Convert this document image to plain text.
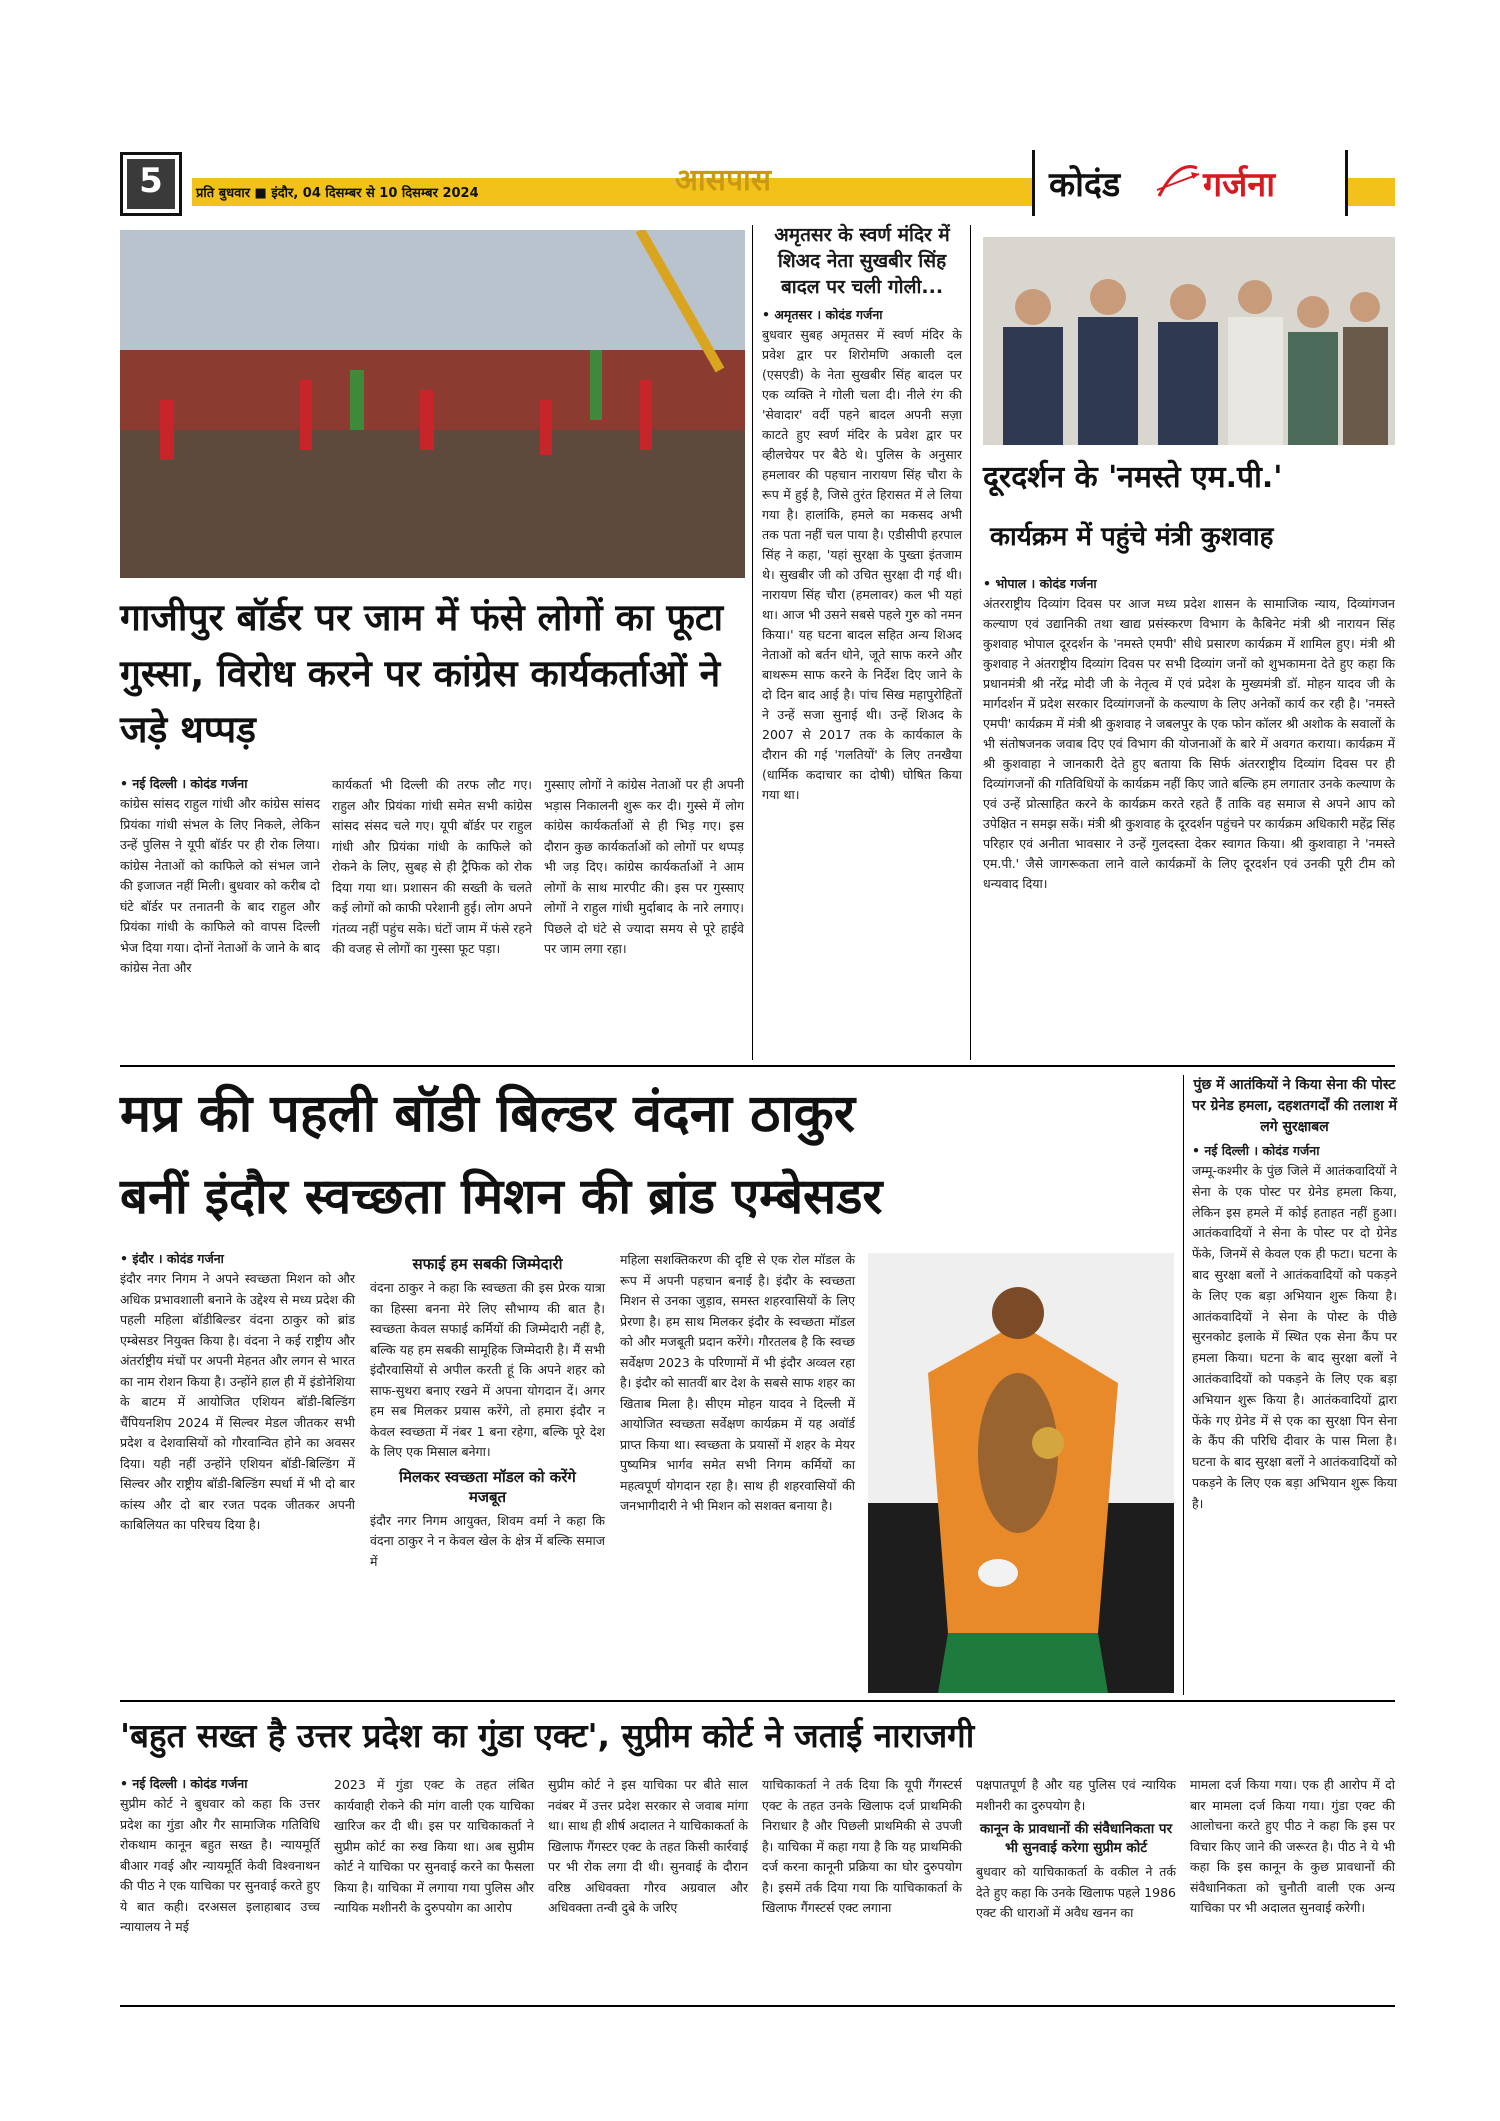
5	प्रति बुधवार ■ इंदौर, 04 दिसम्बर से 10 दिसम्बर 2024	आसपास	कोदंड गर्जना
गाजीपुर बॉर्डर पर जाम में फंसे लोगों का फूटा गुस्सा, विरोध करने पर कांग्रेस कार्यकर्ताओं ने जड़े थप्पड़

• नई दिल्ली । कोदंड गर्जना

कांग्रेस सांसद राहुल गांधी और कांग्रेस सांसद प्रियंका गांधी संभल के लिए निकले, लेकिन उन्हें पुलिस ने यूपी बॉर्डर पर ही रोक लिया। कांग्रेस नेताओं को काफिले को संभल जाने की इजाजत नहीं मिली। बुधवार को करीब दो घंटे बॉर्डर पर तनातनी के बाद राहुल और प्रियंका गांधी के काफिले को वापस दिल्ली भेज दिया गया। दोनों नेताओं के जाने के बाद कांग्रेस नेता और

कार्यकर्ता भी दिल्ली की तरफ लौट गए। राहुल और प्रियंका गांधी समेत सभी कांग्रेस सांसद संसद चले गए। यूपी बॉर्डर पर राहुल गांधी और प्रियंका गांधी के काफिले को रोकने के लिए, सुबह से ही ट्रैफिक को रोक दिया गया था। प्रशासन की सख्ती के चलते कई लोगों को काफी परेशानी हुई। लोग अपने गंतव्य नहीं पहुंच सके। घंटों जाम में फंसे रहने की वजह से लोगों का गुस्सा फूट पड़ा।

गुस्साए लोगों ने कांग्रेस नेताओं पर ही अपनी भड़ास निकालनी शुरू कर दी। गुस्से में लोग कांग्रेस कार्यकर्ताओं से ही भिड़ गए। इस दौरान कुछ कार्यकर्ताओं को लोगों पर थप्पड़ भी जड़ दिए। कांग्रेस कार्यकर्ताओं ने आम लोगों के साथ मारपीट की। इस पर गुस्साए लोगों ने राहुल गांधी मुर्दाबाद के नारे लगाए। पिछले दो घंटे से ज्यादा समय से पूरे हाईवे पर जाम लगा रहा।

अमृतसर के स्वर्ण मंदिर में शिअद नेता सुखबीर सिंह बादल पर चली गोली...

• अमृतसर । कोदंड गर्जना

बुधवार सुबह अमृतसर में स्वर्ण मंदिर के प्रवेश द्वार पर शिरोमणि अकाली दल (एसएडी) के नेता सुखबीर सिंह बादल पर एक व्यक्ति ने गोली चला दी। नीले रंग की 'सेवादार' वर्दी पहने बादल अपनी सज़ा काटते हुए स्वर्ण मंदिर के प्रवेश द्वार पर व्हीलचेयर पर बैठे थे। पुलिस के अनुसार हमलावर की पहचान नारायण सिंह चौरा के रूप में हुई है, जिसे तुरंत हिरासत में ले लिया गया है। हालांकि, हमले का मकसद अभी तक पता नहीं चल पाया है। एडीसीपी हरपाल सिंह ने कहा, 'यहां सुरक्षा के पुख्ता इंतजाम थे। सुखबीर जी को उचित सुरक्षा दी गई थी। नारायण सिंह चौरा (हमलावर) कल भी यहां था। आज भी उसने सबसे पहले गुरु को नमन किया।' यह घटना बादल सहित अन्य शिअद नेताओं को बर्तन धोने, जूते साफ करने और बाथरूम साफ करने के निर्देश दिए जाने के दो दिन बाद आई है। पांच सिख महापुरोहितों ने उन्हें सजा सुनाई थी। उन्हें शिअद के 2007 से 2017 तक के कार्यकाल के दौरान की गई 'गलतियों' के लिए तनखैया (धार्मिक कदाचार का दोषी) घोषित किया गया था।

दूरदर्शन के 'नमस्ते एम.पी.'
कार्यक्रम में पहुंचे मंत्री कुशवाह

• भोपाल । कोदंड गर्जना

अंतरराष्ट्रीय दिव्यांग दिवस पर आज मध्य प्रदेश शासन के सामाजिक न्याय, दिव्यांगजन कल्याण एवं उद्यानिकी तथा खाद्य प्रसंस्करण विभाग के कैबिनेट मंत्री श्री नारायन सिंह कुशवाह भोपाल दूरदर्शन के 'नमस्ते एमपी' सीधे प्रसारण कार्यक्रम में शामिल हुए। मंत्री श्री कुशवाह ने अंतराष्ट्रीय दिव्यांग दिवस पर सभी दिव्यांग जनों को शुभकामना देते हुए कहा कि प्रधानमंत्री श्री नरेंद्र मोदी जी के नेतृत्व में एवं प्रदेश के मुख्यमंत्री डॉ. मोहन यादव जी के मार्गदर्शन में प्रदेश सरकार दिव्यांगजनों के कल्याण के लिए अनेकों कार्य कर रही है। 'नमस्ते एमपी' कार्यक्रम में मंत्री श्री कुशवाह ने जबलपुर के एक फोन कॉलर श्री अशोक के सवालों के भी संतोषजनक जवाब दिए एवं विभाग की योजनाओं के बारे में अवगत कराया। कार्यक्रम में श्री कुशवाहा ने जानकारी देते हुए बताया कि सिर्फ अंतरराष्ट्रीय दिव्यांग दिवस पर ही दिव्यांगजनों की गतिविधियों के कार्यक्रम नहीं किए जाते बल्कि हम लगातार उनके कल्याण के एवं उन्हें प्रोत्साहित करने के कार्यक्रम करते रहते हैं ताकि वह समाज से अपने आप को उपेक्षित न समझ सकें। मंत्री श्री कुशवाह के दूरदर्शन पहुंचने पर कार्यक्रम अधिकारी महेंद्र सिंह परिहार एवं अनीता भावसार ने उन्हें गुलदस्ता देकर स्वागत किया। श्री कुशवाहा ने 'नमस्ते एम.पी.' जैसे जागरूकता लाने वाले कार्यक्रमों के लिए दूरदर्शन एवं उनकी पूरी टीम को धन्यवाद दिया।

मप्र की पहली बॉडी बिल्डर वंदना ठाकुर
बनीं इंदौर स्वच्छता मिशन की ब्रांड एम्बेसडर

• इंदौर । कोदंड गर्जना

इंदौर नगर निगम ने अपने स्वच्छता मिशन को और अधिक प्रभावशाली बनाने के उद्देश्य से मध्य प्रदेश की पहली महिला बॉडीबिल्डर वंदना ठाकुर को ब्रांड एम्बेसडर नियुक्त किया है। वंदना ने कई राष्ट्रीय और अंतर्राष्ट्रीय मंचों पर अपनी मेहनत और लगन से भारत का नाम रोशन किया है। उन्होंने हाल ही में इंडोनेशिया के बाटम में आयोजित एशियन बॉडी-बिल्डिंग चैंपियनशिप 2024 में सिल्वर मेडल जीतकर सभी प्रदेश व देशवासियों को गौरवान्वित होने का अवसर दिया। यही नहीं उन्होंने एशियन बॉडी-बिल्डिंग में सिल्वर और राष्ट्रीय बॉडी-बिल्डिंग स्पर्धा में भी दो बार कांस्य और दो बार रजत पदक जीतकर अपनी काबिलियत का परिचय दिया है।

सफाई हम सबकी जिम्मेदारी

वंदना ठाकुर ने कहा कि स्वच्छता की इस प्रेरक यात्रा का हिस्सा बनना मेरे लिए सौभाग्य की बात है। स्वच्छता केवल सफाई कर्मियों की जिम्मेदारी नहीं है, बल्कि यह हम सबकी सामूहिक जिम्मेदारी है। मैं सभी इंदौरवासियों से अपील करती हूं कि अपने शहर को साफ-सुथरा बनाए रखने में अपना योगदान दें। अगर हम सब मिलकर प्रयास करेंगे, तो हमारा इंदौर न केवल स्वच्छता में नंबर 1 बना रहेगा, बल्कि पूरे देश के लिए एक मिसाल बनेगा।

मिलकर स्वच्छता मॉडल को करेंगे मजबूत

इंदौर नगर निगम आयुक्त, शिवम वर्मा ने कहा कि वंदना ठाकुर ने न केवल खेल के क्षेत्र में बल्कि समाज में

महिला सशक्तिकरण की दृष्टि से एक रोल मॉडल के रूप में अपनी पहचान बनाई है। इंदौर के स्वच्छता मिशन से उनका जुड़ाव, समस्त शहरवासियों के लिए प्रेरणा है। हम साथ मिलकर इंदौर के स्वच्छता मॉडल को और मजबूती प्रदान करेंगे। गौरतलब है कि स्वच्छ सर्वेक्षण 2023 के परिणामों में भी इंदौर अव्वल रहा है। इंदौर को सातवीं बार देश के सबसे साफ शहर का खिताब मिला है। सीएम मोहन यादव ने दिल्ली में आयोजित स्वच्छता सर्वेक्षण कार्यक्रम में यह अवॉर्ड प्राप्त किया था। स्वच्छता के प्रयासों में शहर के मेयर पुष्यमित्र भार्गव समेत सभी निगम कर्मियों का महत्वपूर्ण योगदान रहा है। साथ ही शहरवासियों की जनभागीदारी ने भी मिशन को सशक्त बनाया है।

पुंछ में आतंकियों ने किया सेना की पोस्ट पर ग्रेनेड हमला, दहशतगर्दों की तलाश में लगे सुरक्षाबल

• नई दिल्ली । कोदंड गर्जना

जम्मू-कश्मीर के पुंछ जिले में आतंकवादियों ने सेना के एक पोस्ट पर ग्रेनेड हमला किया, लेकिन इस हमले में कोई हताहत नहीं हुआ। आतंकवादियों ने सेना के पोस्ट पर दो ग्रेनेड फेंके, जिनमें से केवल एक ही फटा। घटना के बाद सुरक्षा बलों ने आतंकवादियों को पकड़ने के लिए एक बड़ा अभियान शुरू किया है। आतंकवादियों ने सेना के पोस्ट के पीछे सुरनकोट इलाके में स्थित एक सेना कैंप पर हमला किया। घटना के बाद सुरक्षा बलों ने आतंकवादियों को पकड़ने के लिए एक बड़ा अभियान शुरू किया है। आतंकवादियों द्वारा फेंके गए ग्रेनेड में से एक का सुरक्षा पिन सेना के कैंप की परिधि दीवार के पास मिला है। घटना के बाद सुरक्षा बलों ने आतंकवादियों को पकड़ने के लिए एक बड़ा अभियान शुरू किया है।

'बहुत सख्त है उत्तर प्रदेश का गुंडा एक्ट', सुप्रीम कोर्ट ने जताई नाराजगी

• नई दिल्ली । कोदंड गर्जना

सुप्रीम कोर्ट ने बुधवार को कहा कि उत्तर प्रदेश का गुंडा और गैर सामाजिक गतिविधि रोकथाम कानून बहुत सख्त है। न्यायमूर्ति बीआर गवई और न्यायमूर्ति केवी विश्वनाथन की पीठ ने एक याचिका पर सुनवाई करते हुए ये बात कही। दरअसल इलाहाबाद उच्च न्यायालय ने मई

2023 में गुंडा एक्ट के तहत लंबित कार्यवाही रोकने की मांग वाली एक याचिका खारिज कर दी थी। इस पर याचिकाकर्ता ने सुप्रीम कोर्ट का रुख किया था। अब सुप्रीम कोर्ट ने याचिका पर सुनवाई करने का फैसला किया है। याचिका में लगाया गया पुलिस और न्यायिक मशीनरी के दुरुपयोग का आरोप

सुप्रीम कोर्ट ने इस याचिका पर बीते साल नवंबर में उत्तर प्रदेश सरकार से जवाब मांगा था। साथ ही शीर्ष अदालत ने याचिकाकर्ता के खिलाफ गैंगस्टर एक्ट के तहत किसी कार्रवाई पर भी रोक लगा दी थी। सुनवाई के दौरान वरिष्ठ अधिवक्ता गौरव अग्रवाल और अधिवक्ता तन्वी दुबे के जरिए

याचिकाकर्ता ने तर्क दिया कि यूपी गैंगस्टर्स एक्ट के तहत उनके खिलाफ दर्ज प्राथमिकी निराधार है और पिछली प्राथमिकी से उपजी है। याचिका में कहा गया है कि यह प्राथमिकी दर्ज करना कानूनी प्रक्रिया का घोर दुरुपयोग है। इसमें तर्क दिया गया कि याचिकाकर्ता के खिलाफ गैंगस्टर्स एक्ट लगाना

पक्षपातपूर्ण है और यह पुलिस एवं न्यायिक मशीनरी का दुरुपयोग है।

कानून के प्रावधानों की संवैधानिकता पर भी सुनवाई करेगा सुप्रीम कोर्ट

बुधवार को याचिकाकर्ता के वकील ने तर्क देते हुए कहा कि उनके खिलाफ पहले 1986 एक्ट की धाराओं में अवैध खनन का

मामला दर्ज किया गया। एक ही आरोप में दो बार मामला दर्ज किया गया। गुंडा एक्ट की आलोचना करते हुए पीठ ने कहा कि इस पर विचार किए जाने की जरूरत है। पीठ ने ये भी कहा कि इस कानून के कुछ प्रावधानों की संवैधानिकता को चुनौती वाली एक अन्य याचिका पर भी अदालत सुनवाई करेगी।
